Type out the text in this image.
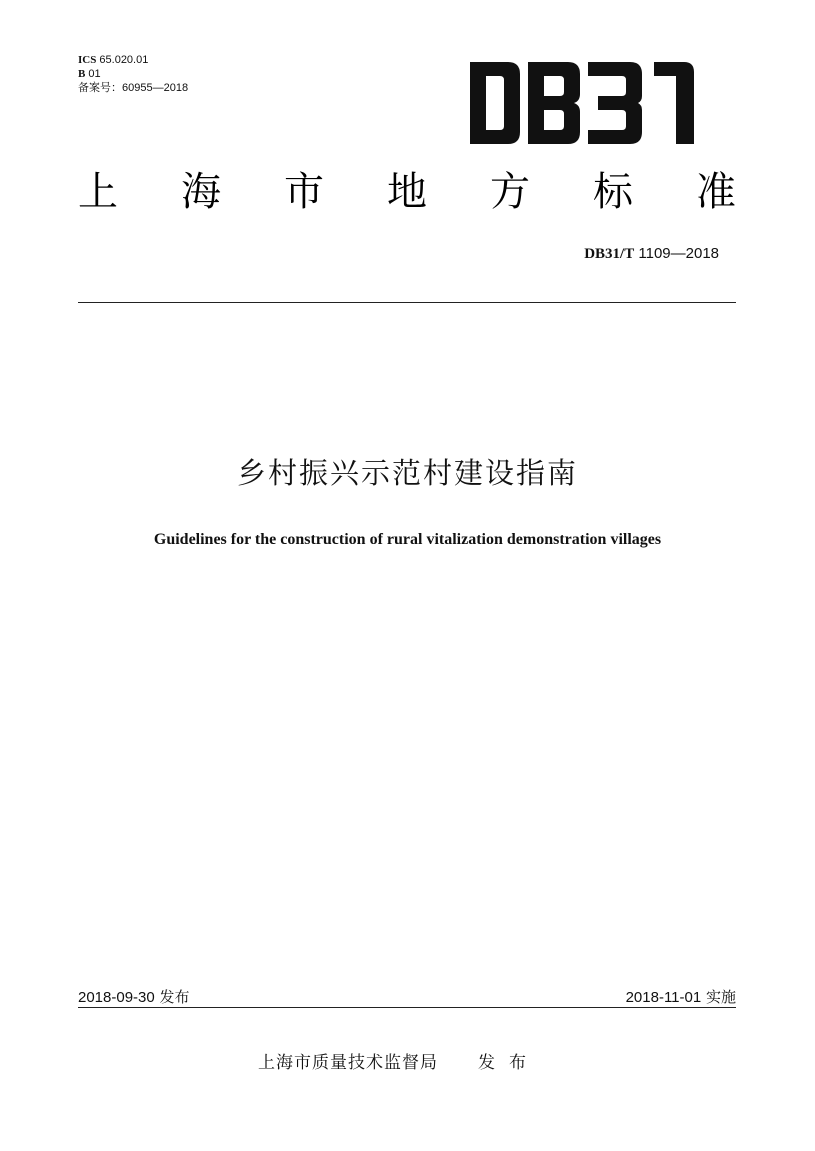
ICS 65.020.01
B 01
备案号：60955—2018
上 海 市 地 方 标 准
DB31/T 1109—2018
乡村振兴示范村建设指南
Guidelines for the construction of rural vitalization demonstration villages
2018-09-30 发布	2018-11-01 实施
上海市质量技术监督局 发布
